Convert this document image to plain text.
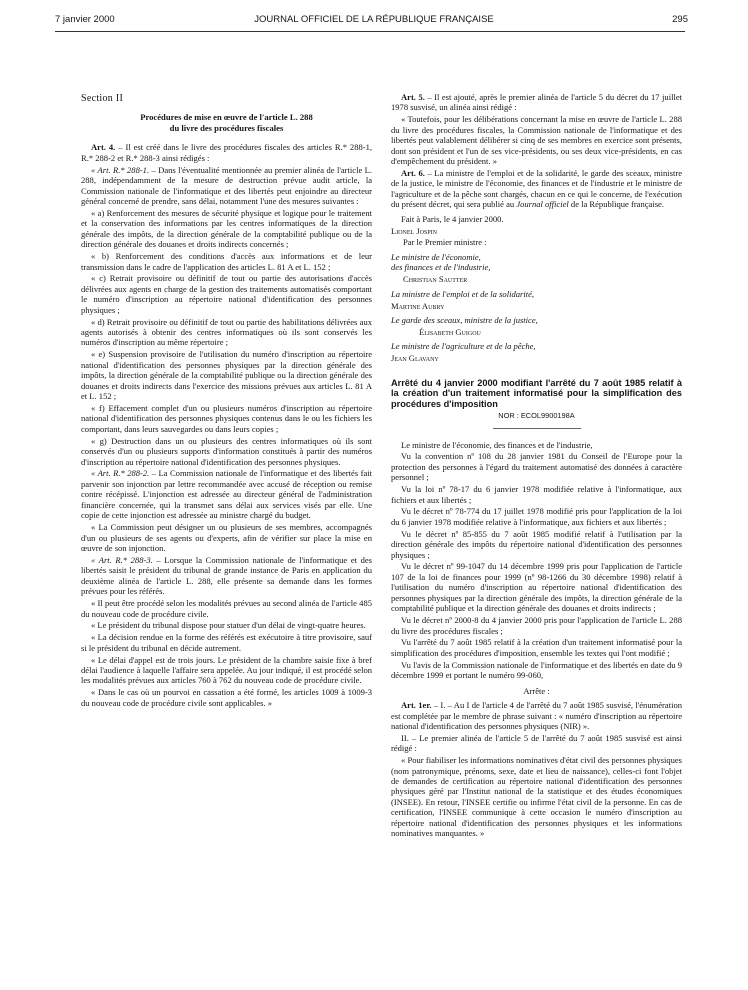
7 janvier 2000	JOURNAL OFFICIEL DE LA RÉPUBLIQUE FRANÇAISE	295

Section II

Procédures de mise en œuvre de l'article L. 288
du livre des procédures fiscales

Art. 4. – Il est créé dans le livre des procédures fiscales des articles R.* 288-1, R.* 288-2 et R.* 288-3 ainsi rédigés :

« Art. R.* 288-1. – Dans l'éventualité mentionnée au premier alinéa de l'article L. 288, indépendamment de la mesure de destruction prévue audit article, la Commission nationale de l'informatique et des libertés peut enjoindre au directeur général concerné de prendre, sans délai, notamment l'une des mesures suivantes :

« a) Renforcement des mesures de sécurité physique et logique pour le traitement et la conservation des informations par les centres informatiques de la direction générale des impôts, de la direction générale de la comptabilité publique ou de la direction générale des douanes et droits indirects concernés ;

« b) Renforcement des conditions d'accès aux informations et de leur transmission dans le cadre de l'application des articles L. 81 A et L. 152 ;

« c) Retrait provisoire ou définitif de tout ou partie des autorisations d'accès délivrées aux agents en charge de la gestion des traitements automatisés comportant le numéro d'inscription au répertoire national d'identification des personnes physiques ;

« d) Retrait provisoire ou définitif de tout ou partie des habilitations délivrées aux agents autorisés à obtenir des centres informatiques où ils sont conservés les numéros d'inscription au même répertoire ;

« e) Suspension provisoire de l'utilisation du numéro d'inscription au répertoire national d'identification des personnes physiques par la direction générale des impôts, la direction générale de la comptabilité publique ou la direction générale des douanes et droits indirects dans l'exercice des missions prévues aux articles L. 81 A et L. 152 ;

« f) Effacement complet d'un ou plusieurs numéros d'inscription au répertoire national d'identification des personnes physiques contenus dans le ou les fichiers les comportant, dans leurs sauvegardes ou dans leurs copies ;

« g) Destruction dans un ou plusieurs des centres informatiques où ils sont conservés d'un ou plusieurs supports d'information constitués à partir des numéros d'inscription au répertoire national d'identification des personnes physiques.

« Art. R.* 288-2. – La Commission nationale de l'informatique et des libertés fait parvenir son injonction par lettre recommandée avec accusé de réception ou remise contre récépissé. L'injonction est adressée au directeur général de l'administration financière concernée, qui la transmet sans délai aux services visés par elle. Une copie de cette injonction est adressée au ministre chargé du budget.

« La Commission peut désigner un ou plusieurs de ses membres, accompagnés d'un ou plusieurs de ses agents ou d'experts, afin de vérifier sur place la mise en œuvre de son injonction.

« Art. R.* 288-3. – Lorsque la Commission nationale de l'informatique et des libertés saisit le président du tribunal de grande instance de Paris en application du deuxième alinéa de l'article L. 288, elle présente sa demande dans les formes prévues pour les référés.

« Il peut être procédé selon les modalités prévues au second alinéa de l'article 485 du nouveau code de procédure civile.

« Le président du tribunal dispose pour statuer d'un délai de vingt-quatre heures.

« La décision rendue en la forme des référés est exécutoire à titre provisoire, sauf si le président du tribunal en décide autrement.

« Le délai d'appel est de trois jours. Le président de la chambre saisie fixe à bref délai l'audience à laquelle l'affaire sera appelée. Au jour indiqué, il est procédé selon les modalités prévues aux articles 760 à 762 du nouveau code de procédure civile.

« Dans le cas où un pourvoi en cassation a été formé, les articles 1009 à 1009-3 du nouveau code de procédure civile sont applicables. »

Art. 5. – Il est ajouté, après le premier alinéa de l'article 5 du décret du 17 juillet 1978 susvisé, un alinéa ainsi rédigé :

« Toutefois, pour les délibérations concernant la mise en œuvre de l'article L. 288 du livre des procédures fiscales, la Commission nationale de l'informatique et des libertés peut valablement délibérer si cinq de ses membres en exercice sont présents, dont son président et l'un de ses vice-présidents, ou ses deux vice-présidents, en cas d'empêchement du président. »

Art. 6. – La ministre de l'emploi et de la solidarité, le garde des sceaux, ministre de la justice, le ministre de l'économie, des finances et de l'industrie et le ministre de l'agriculture et de la pêche sont chargés, chacun en ce qui le concerne, de l'exécution du présent décret, qui sera publié au Journal officiel de la République française.

Fait à Paris, le 4 janvier 2000.

Lionel Jospin

Par le Premier ministre :

Le ministre de l'économie,
des finances et de l'industrie,

Christian Sautter

La ministre de l'emploi et de la solidarité,

Martine Aubry

Le garde des sceaux, ministre de la justice,

Élisabeth Guigou

Le ministre de l'agriculture et de la pêche,

Jean Glavany

Arrêté du 4 janvier 2000 modifiant l'arrêté du 7 août 1985 relatif à la création d'un traitement informatisé pour la simplification des procédures d'imposition

NOR : ECOL9900198A

Le ministre de l'économie, des finances et de l'industrie,

Vu la convention nº 108 du 28 janvier 1981 du Conseil de l'Europe pour la protection des personnes à l'égard du traitement automatisé des données à caractère personnel ;

Vu la loi nº 78-17 du 6 janvier 1978 modifiée relative à l'informatique, aux fichiers et aux libertés ;

Vu le décret nº 78-774 du 17 juillet 1978 modifié pris pour l'application de la loi du 6 janvier 1978 modifiée relative à l'informatique, aux fichiers et aux libertés ;

Vu le décret nº 85-855 du 7 août 1985 modifié relatif à l'utilisation par la direction générale des impôts du répertoire national d'identification des personnes physiques ;

Vu le décret nº 99-1047 du 14 décembre 1999 pris pour l'application de l'article 107 de la loi de finances pour 1999 (nº 98-1266 du 30 décembre 1998) relatif à l'utilisation du numéro d'inscription au répertoire national d'identification des personnes physiques par la direction générale des impôts, la direction générale de la comptabilité publique et la direction générale des douanes et droits indirects ;

Vu le décret nº 2000-8 du 4 janvier 2000 pris pour l'application de l'article L. 288 du livre des procédures fiscales ;

Vu l'arrêté du 7 août 1985 relatif à la création d'un traitement informatisé pour la simplification des procédures d'imposition, ensemble les textes qui l'ont modifié ;

Vu l'avis de la Commission nationale de l'informatique et des libertés en date du 9 décembre 1999 et portant le numéro 99-060,

Arrête :

Art. 1er. – I. – Au I de l'article 4 de l'arrêté du 7 août 1985 susvisé, l'énumération est complétée par le membre de phrase suivant : « numéro d'inscription au répertoire national d'identification des personnes physiques (NIR) ».

II. – Le premier alinéa de l'article 5 de l'arrêté du 7 août 1985 susvisé est ainsi rédigé :

« Pour fiabiliser les informations nominatives d'état civil des personnes physiques (nom patronymique, prénoms, sexe, date et lieu de naissance), celles-ci font l'objet de demandes de certification au répertoire national d'identification des personnes physiques géré par l'Institut national de la statistique et des études économiques (INSEE). En retour, l'INSEE certifie ou infirme l'état civil de la personne. En cas de certification, l'INSEE communique à cette occasion le numéro d'inscription au répertoire national d'identification des personnes physiques et les informations nominatives manquantes. »
